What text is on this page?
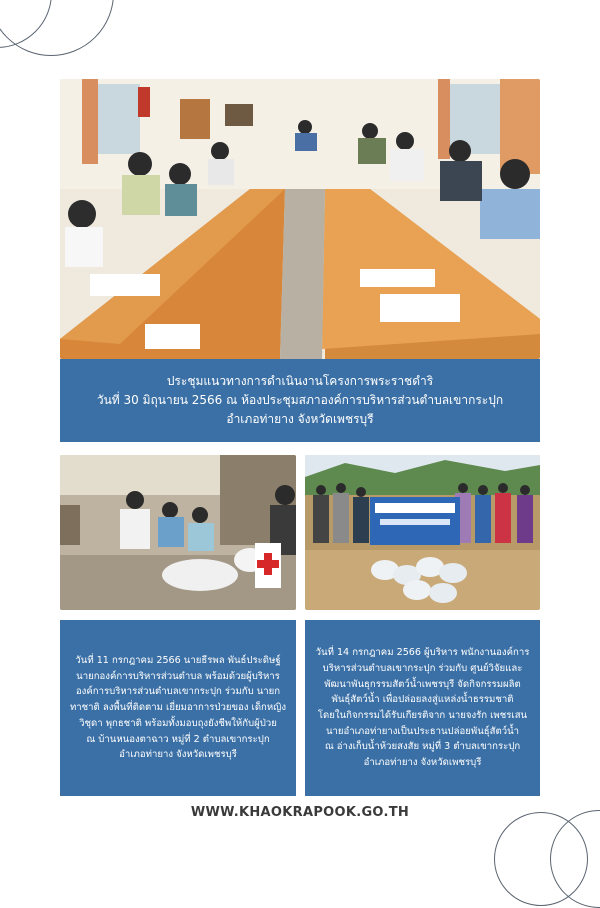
ประชุมแนวทางการดำเนินงานโครงการพระราชดำริ
วันที่ 30 มิถุนายน 2566 ณ ห้องประชุมสภาองค์การบริหารส่วนตำบลเขากระปุก
อำเภอท่ายาง จังหวัดเพชรบุรี
วันที่ 11 กรกฎาคม 2566 นายธีรพล พันธ์ประดิษฐ์
นายกองค์การบริหารส่วนตำบล พร้อมด้วยผู้บริหาร
องค์การบริหารส่วนตำบลเขากระปุก ร่วมกับ นายก
ทาชาติ ลงพื้นที่ติดตาม เยี่ยมอาการป่วยของ เด็กหญิง
วิชุดา พุกธชาติ พร้อมทั้งมอบถุงยังชีพให้กับผู้ป่วย
ณ บ้านหนองตาฉาว หมู่ที่ 2 ตำบลเขากระปุก
อำเภอท่ายาง จังหวัดเพชรบุรี
วันที่ 14 กรกฎาคม 2566 ผู้บริหาร พนักงานองค์การ
บริหารส่วนตำบลเขากระปุก ร่วมกับ ศูนย์วิจัยและ
พัฒนาพันธุกรรมสัตว์น้ำเพชรบุรี จัดกิจกรรมผลิต
พันธุ์สัตว์น้ำ เพื่อปล่อยลงสู่แหล่งน้ำธรรมชาติ
โดยในกิจกรรมได้รับเกียรติจาก นายจงรัก เพชรเสน
นายอำเภอท่ายางเป็นประธานปล่อยพันธุ์สัตว์น้ำ
ณ อ่างเก็บน้ำห้วยสงสัย หมู่ที่ 3 ตำบลเขากระปุก
อำเภอท่ายาง จังหวัดเพชรบุรี
WWW.KHAOKRAPOOK.GO.TH
